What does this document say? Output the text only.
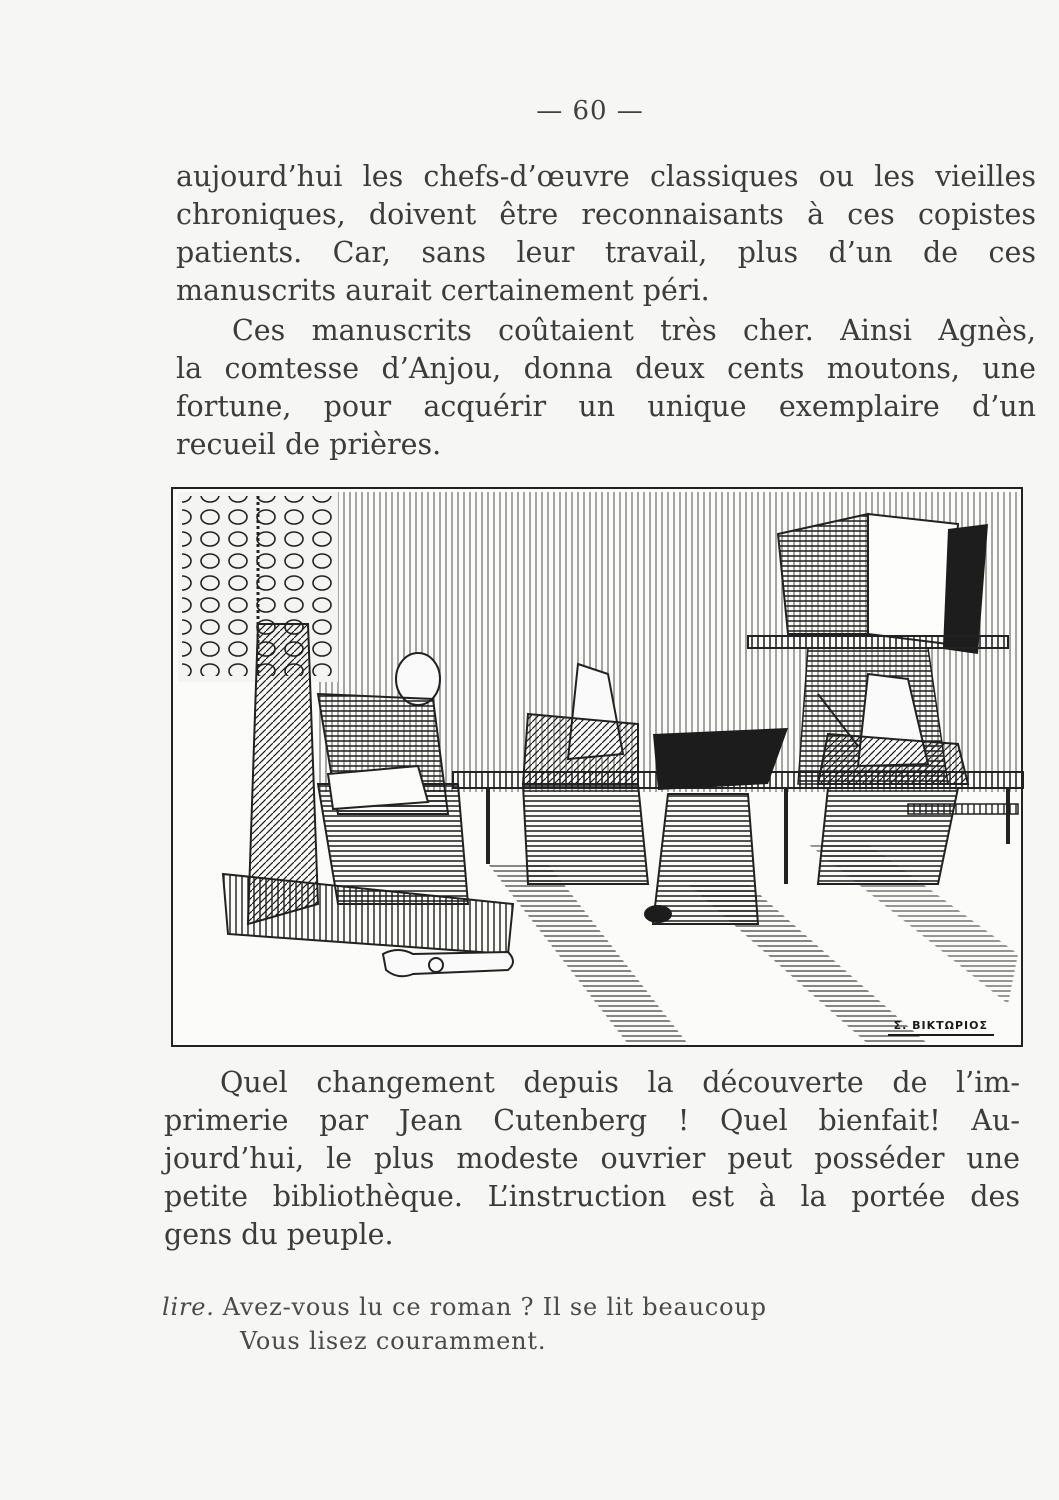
— 60 —

aujourd’hui les chefs-d’œuvre classiques ou les vieilles
chroniques, doivent être reconnaisants à ces copistes
patients. Car, sans leur travail, plus d’un de ces
manuscrits aurait certainement péri.

Ces manuscrits coûtaient très cher. Ainsi Agnès,
la comtesse d’Anjou, donna deux cents moutons, une
fortune, pour acquérir un unique exemplaire d’un
recueil de prières.

Σ. ΒΙΚΤΩΡΙΟΣ

Quel changement depuis la découverte de l’im-
primerie par Jean Cutenberg ! Quel bienfait! Au-
jourd’hui, le plus modeste ouvrier peut posséder une
petite bibliothèque. L’instruction est à la portée des
gens du peuple.

lire. Avez-vous lu ce roman ? Il se lit beaucoup
Vous lisez couramment.
